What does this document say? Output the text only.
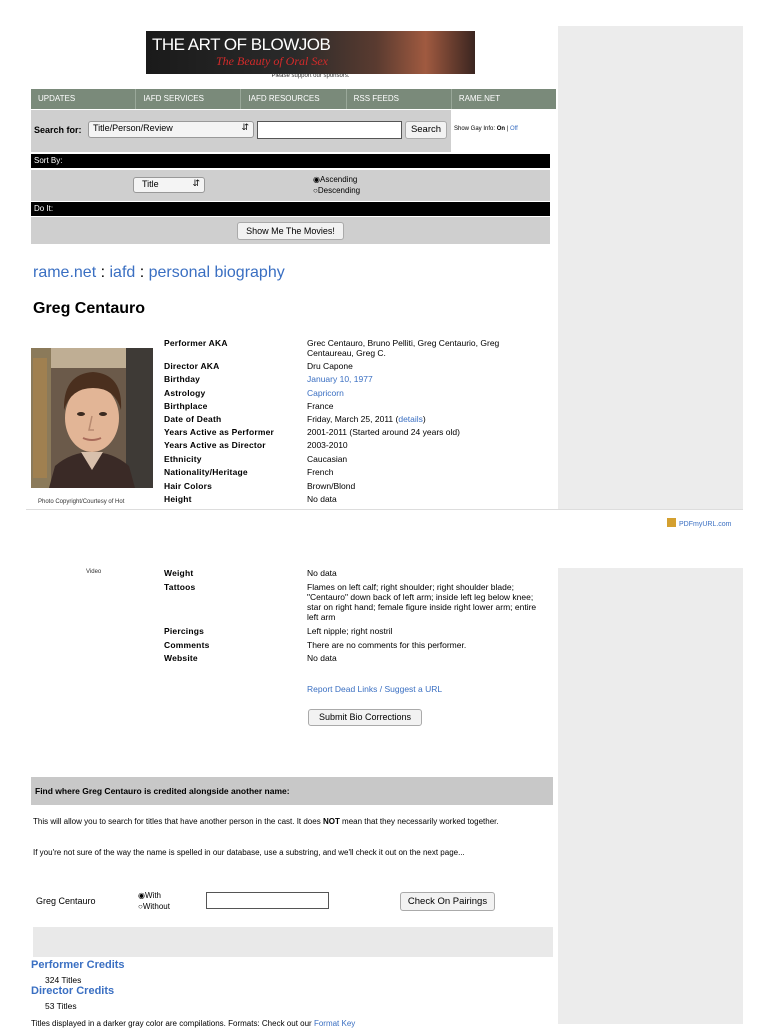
THE ART OF BLOWJOB
The Beauty of Oral Sex
Please support our sponsors.
UPDATES	IAFD SERVICES	IAFD RESOURCES	RSS FEEDS	RAME.NET
Search for:	Title/Person/Review	⇵	Search	Show Gay Info: On | Off
Sort By:
Title	⇵	◉Ascending
○Descending
Do It:
Show Me The Movies!
rame.net : iafd : personal biography
Greg Centauro
Photo Copyright/Courtesy of Hot
Performer AKA	Grec Centauro, Bruno Pelliti, Greg Centaurio, Greg Centaureau, Greg C.
Director AKA	Dru Capone
Birthday	January 10, 1977
Astrology	Capricorn
Birthplace	France
Date of Death	Friday, March 25, 2011 (details)
Years Active as Performer	2001-2011 (Started around 24 years old)
Years Active as Director	2003-2010
Ethnicity	Caucasian
Nationality/Heritage	French
Hair Colors	Brown/Blond
Height	No data
PDFmyURL.com
Video	Weight	No data
Tattoos	Flames on left calf; right shoulder; right shoulder blade; "Centauro" down back of left arm; inside left leg below knee; star on right hand; female figure inside right lower arm; entire left arm
Piercings	Left nipple; right nostril
Comments	There are no comments for this performer.
Website	No data
Report Dead Links / Suggest a URL
Submit Bio Corrections
Find where Greg Centauro is credited alongside another name:
This will allow you to search for titles that have another person in the cast. It does NOT mean that they necessarily worked together.
If you're not sure of the way the name is spelled in our database, use a substring, and we'll check it out on the next page...
Greg Centauro
◉With
○Without	Check On Pairings
Performer Credits
324 Titles
Director Credits
53 Titles
Titles displayed in a darker gray color are compilations. Formats: Check out our Format Key
